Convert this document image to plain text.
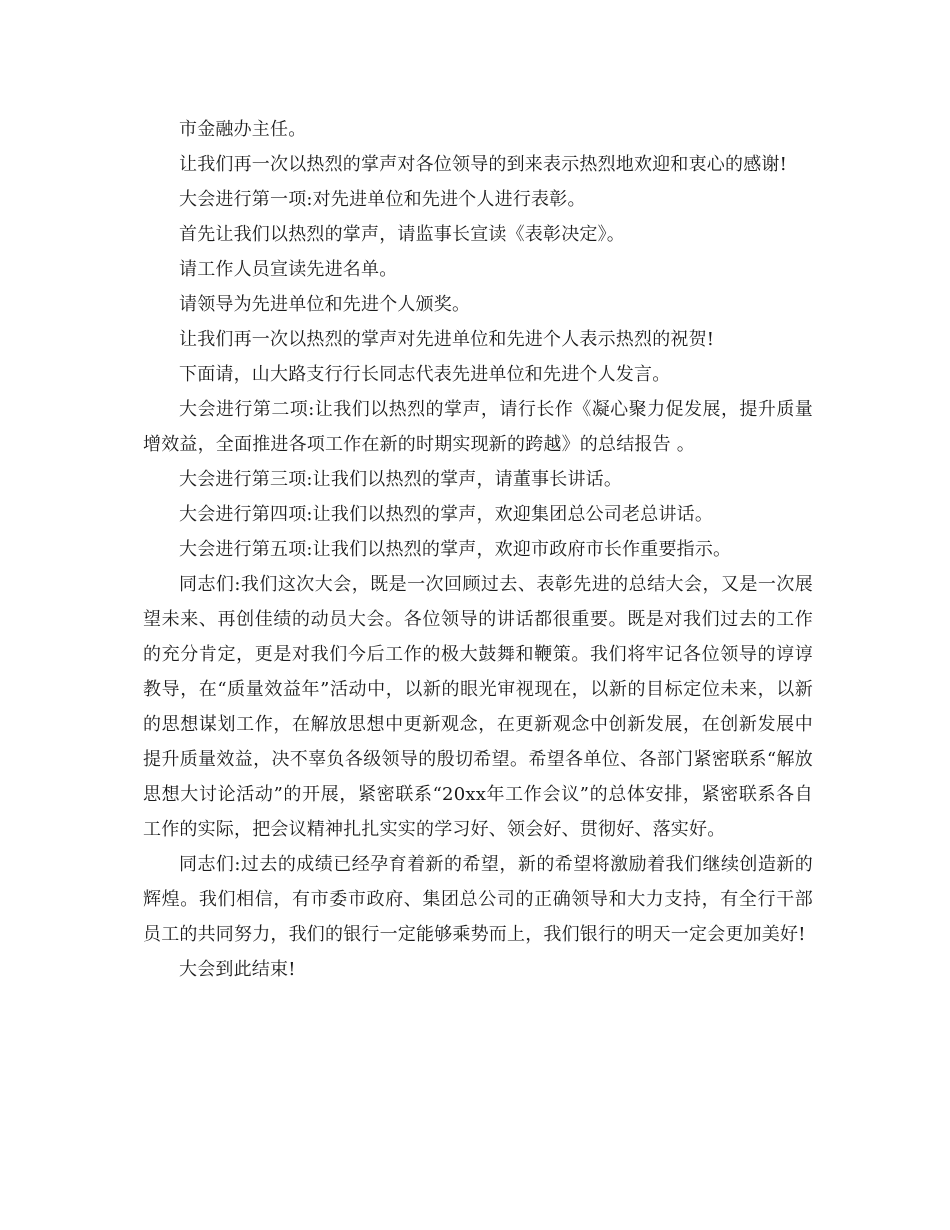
市金融办主任。

让我们再一次以热烈的掌声对各位领导的到来表示热烈地欢迎和衷心的感谢!

大会进行第一项:对先进单位和先进个人进行表彰。

首先让我们以热烈的掌声，请监事长宣读《表彰决定》。

请工作人员宣读先进名单。

请领导为先进单位和先进个人颁奖。

让我们再一次以热烈的掌声对先进单位和先进个人表示热烈的祝贺!

下面请，山大路支行行长同志代表先进单位和先进个人发言。

大会进行第二项:让我们以热烈的掌声，请行长作《凝心聚力促发展，提升质量增效益，全面推进各项工作在新的时期实现新的跨越》的总结报告 。

大会进行第三项:让我们以热烈的掌声，请董事长讲话。

大会进行第四项:让我们以热烈的掌声，欢迎集团总公司老总讲话。

大会进行第五项:让我们以热烈的掌声，欢迎市政府市长作重要指示。

同志们:我们这次大会，既是一次回顾过去、表彰先进的总结大会，又是一次展望未来、再创佳绩的动员大会。各位领导的讲话都很重要。既是对我们过去的工作的充分肯定，更是对我们今后工作的极大鼓舞和鞭策。我们将牢记各位领导的谆谆教导，在“质量效益年”活动中，以新的眼光审视现在，以新的目标定位未来，以新的思想谋划工作，在解放思想中更新观念，在更新观念中创新发展，在创新发展中提升质量效益，决不辜负各级领导的殷切希望。希望各单位、各部门紧密联系“解放思想大讨论活动”的开展，紧密联系“20xx年工作会议”的总体安排，紧密联系各自工作的实际，把会议精神扎扎实实的学习好、领会好、贯彻好、落实好。

同志们:过去的成绩已经孕育着新的希望，新的希望将激励着我们继续创造新的辉煌。我们相信，有市委市政府、集团总公司的正确领导和大力支持，有全行干部员工的共同努力，我们的银行一定能够乘势而上，我们银行的明天一定会更加美好!

大会到此结束!
